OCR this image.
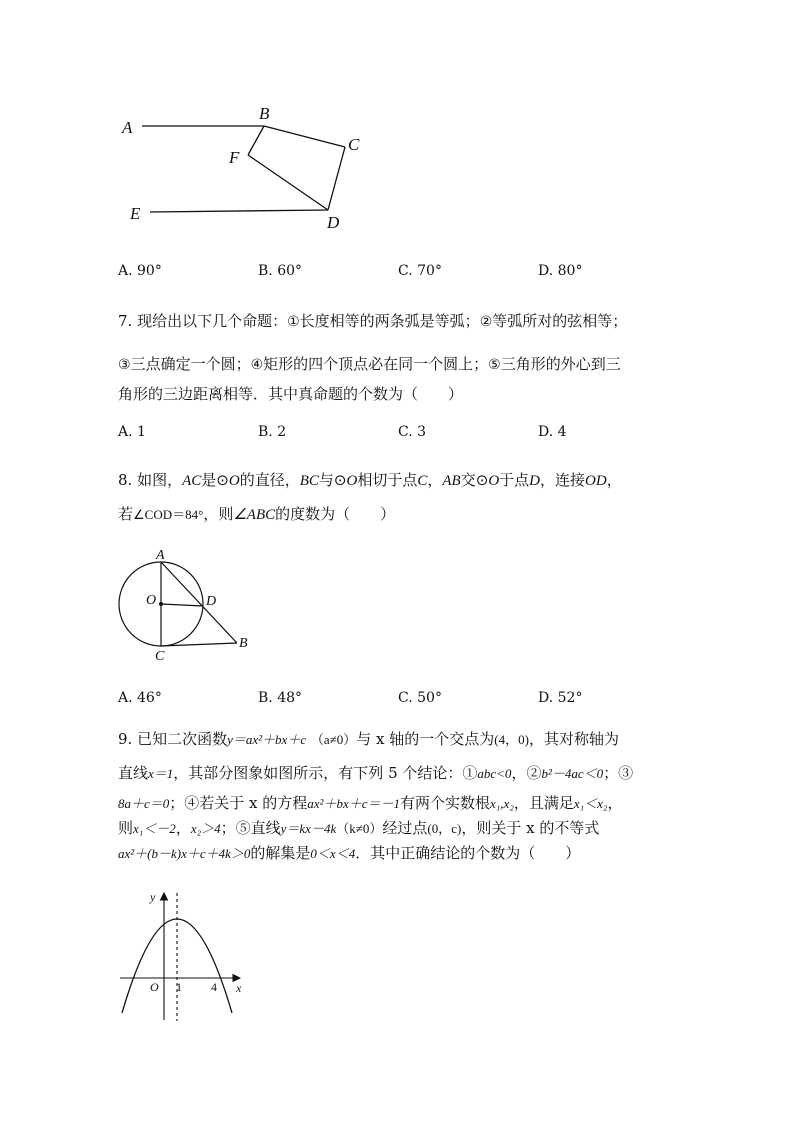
A
B
C
F
E	D
A. 90°	B. 60°	C. 70°	D. 80°
7. 现给出以下几个命题：①长度相等的两条弧是等弧；②等弧所对的弦相等；
③三点确定一个圆；④矩形的四个顶点必在同一个圆上；⑤三角形的外心到三
角形的三边距离相等．其中真命题的个数为（　　）
A. 1	B. 2	C. 3	D. 4
8. 如图，AC是⊙O的直径，BC与⊙O相切于点C，AB交⊙O于点D，连接OD，
若∠COD＝84°，则∠ABC的度数为（　　）
A
O	D
C
B
A. 46°	B. 48°	C. 50°	D. 52°
9. 已知二次函数y＝ax²＋bx＋c （a≠0）与 x 轴的一个交点为(4，0)，其对称轴为
直线x＝1，其部分图象如图所示，有下列 5 个结论：①abc<0，②b²－4ac＜0；③
8a＋c＝0；④若关于 x 的方程ax²＋bx＋c＝－1有两个实数根x₁,x₂，且满足x₁＜x₂，
则x₁＜－2，x₂＞4；⑤直线y＝kx－4k（k≠0）经过点(0，c)，则关于 x 的不等式
ax²＋(b－k)x＋c＋4k＞0的解集是0＜x＜4．其中正确结论的个数为（　　）
y
x
O 1 4
